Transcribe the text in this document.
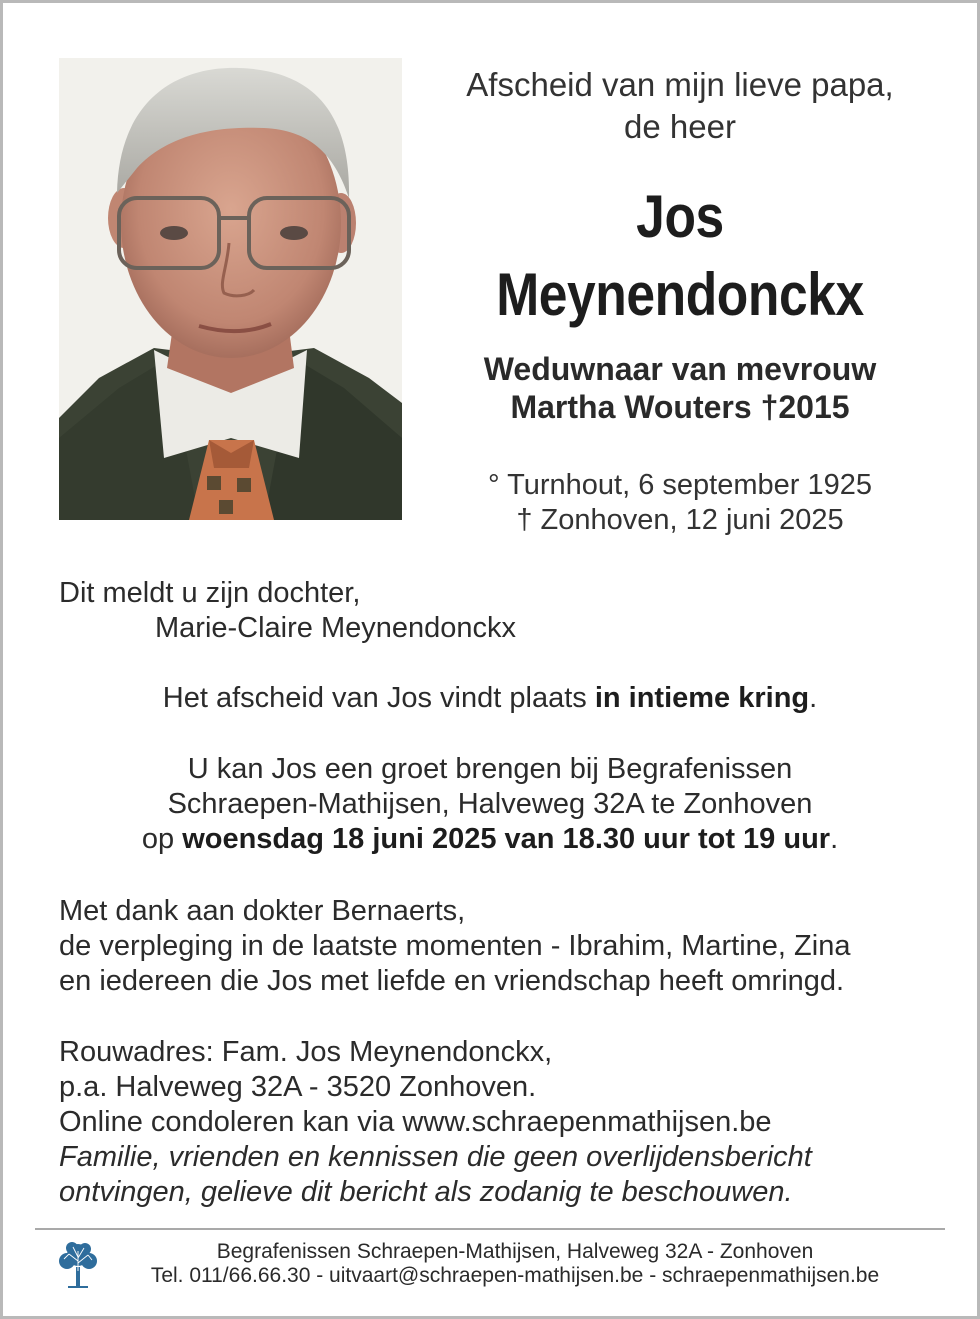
Afscheid van mijn lieve papa,
de heer
Jos
Meynendonckx
Weduwnaar van mevrouw
Martha Wouters †2015
° Turnhout, 6 september 1925
† Zonhoven, 12 juni 2025
Dit meldt u zijn dochter,
Marie-Claire Meynendonckx
Het afscheid van Jos vindt plaats in intieme kring.
U kan Jos een groet brengen bij Begrafenissen
Schraepen-Mathijsen, Halveweg 32A te Zonhoven
op woensdag 18 juni 2025 van 18.30 uur tot 19 uur.
Met dank aan dokter Bernaerts,
de verpleging in de laatste momenten - Ibrahim, Martine, Zina
en iedereen die Jos met liefde en vriendschap heeft omringd.
Rouwadres: Fam. Jos Meynendonckx,
p.a. Halveweg 32A - 3520 Zonhoven.
Online condoleren kan via www.schraepenmathijsen.be
Familie, vrienden en kennissen die geen overlijdensbericht
ontvingen, gelieve dit bericht als zodanig te beschouwen.
Begrafenissen Schraepen-Mathijsen, Halveweg 32A - Zonhoven
Tel. 011/66.66.30 - uitvaart@schraepen-mathijsen.be - schraepenmathijsen.be
